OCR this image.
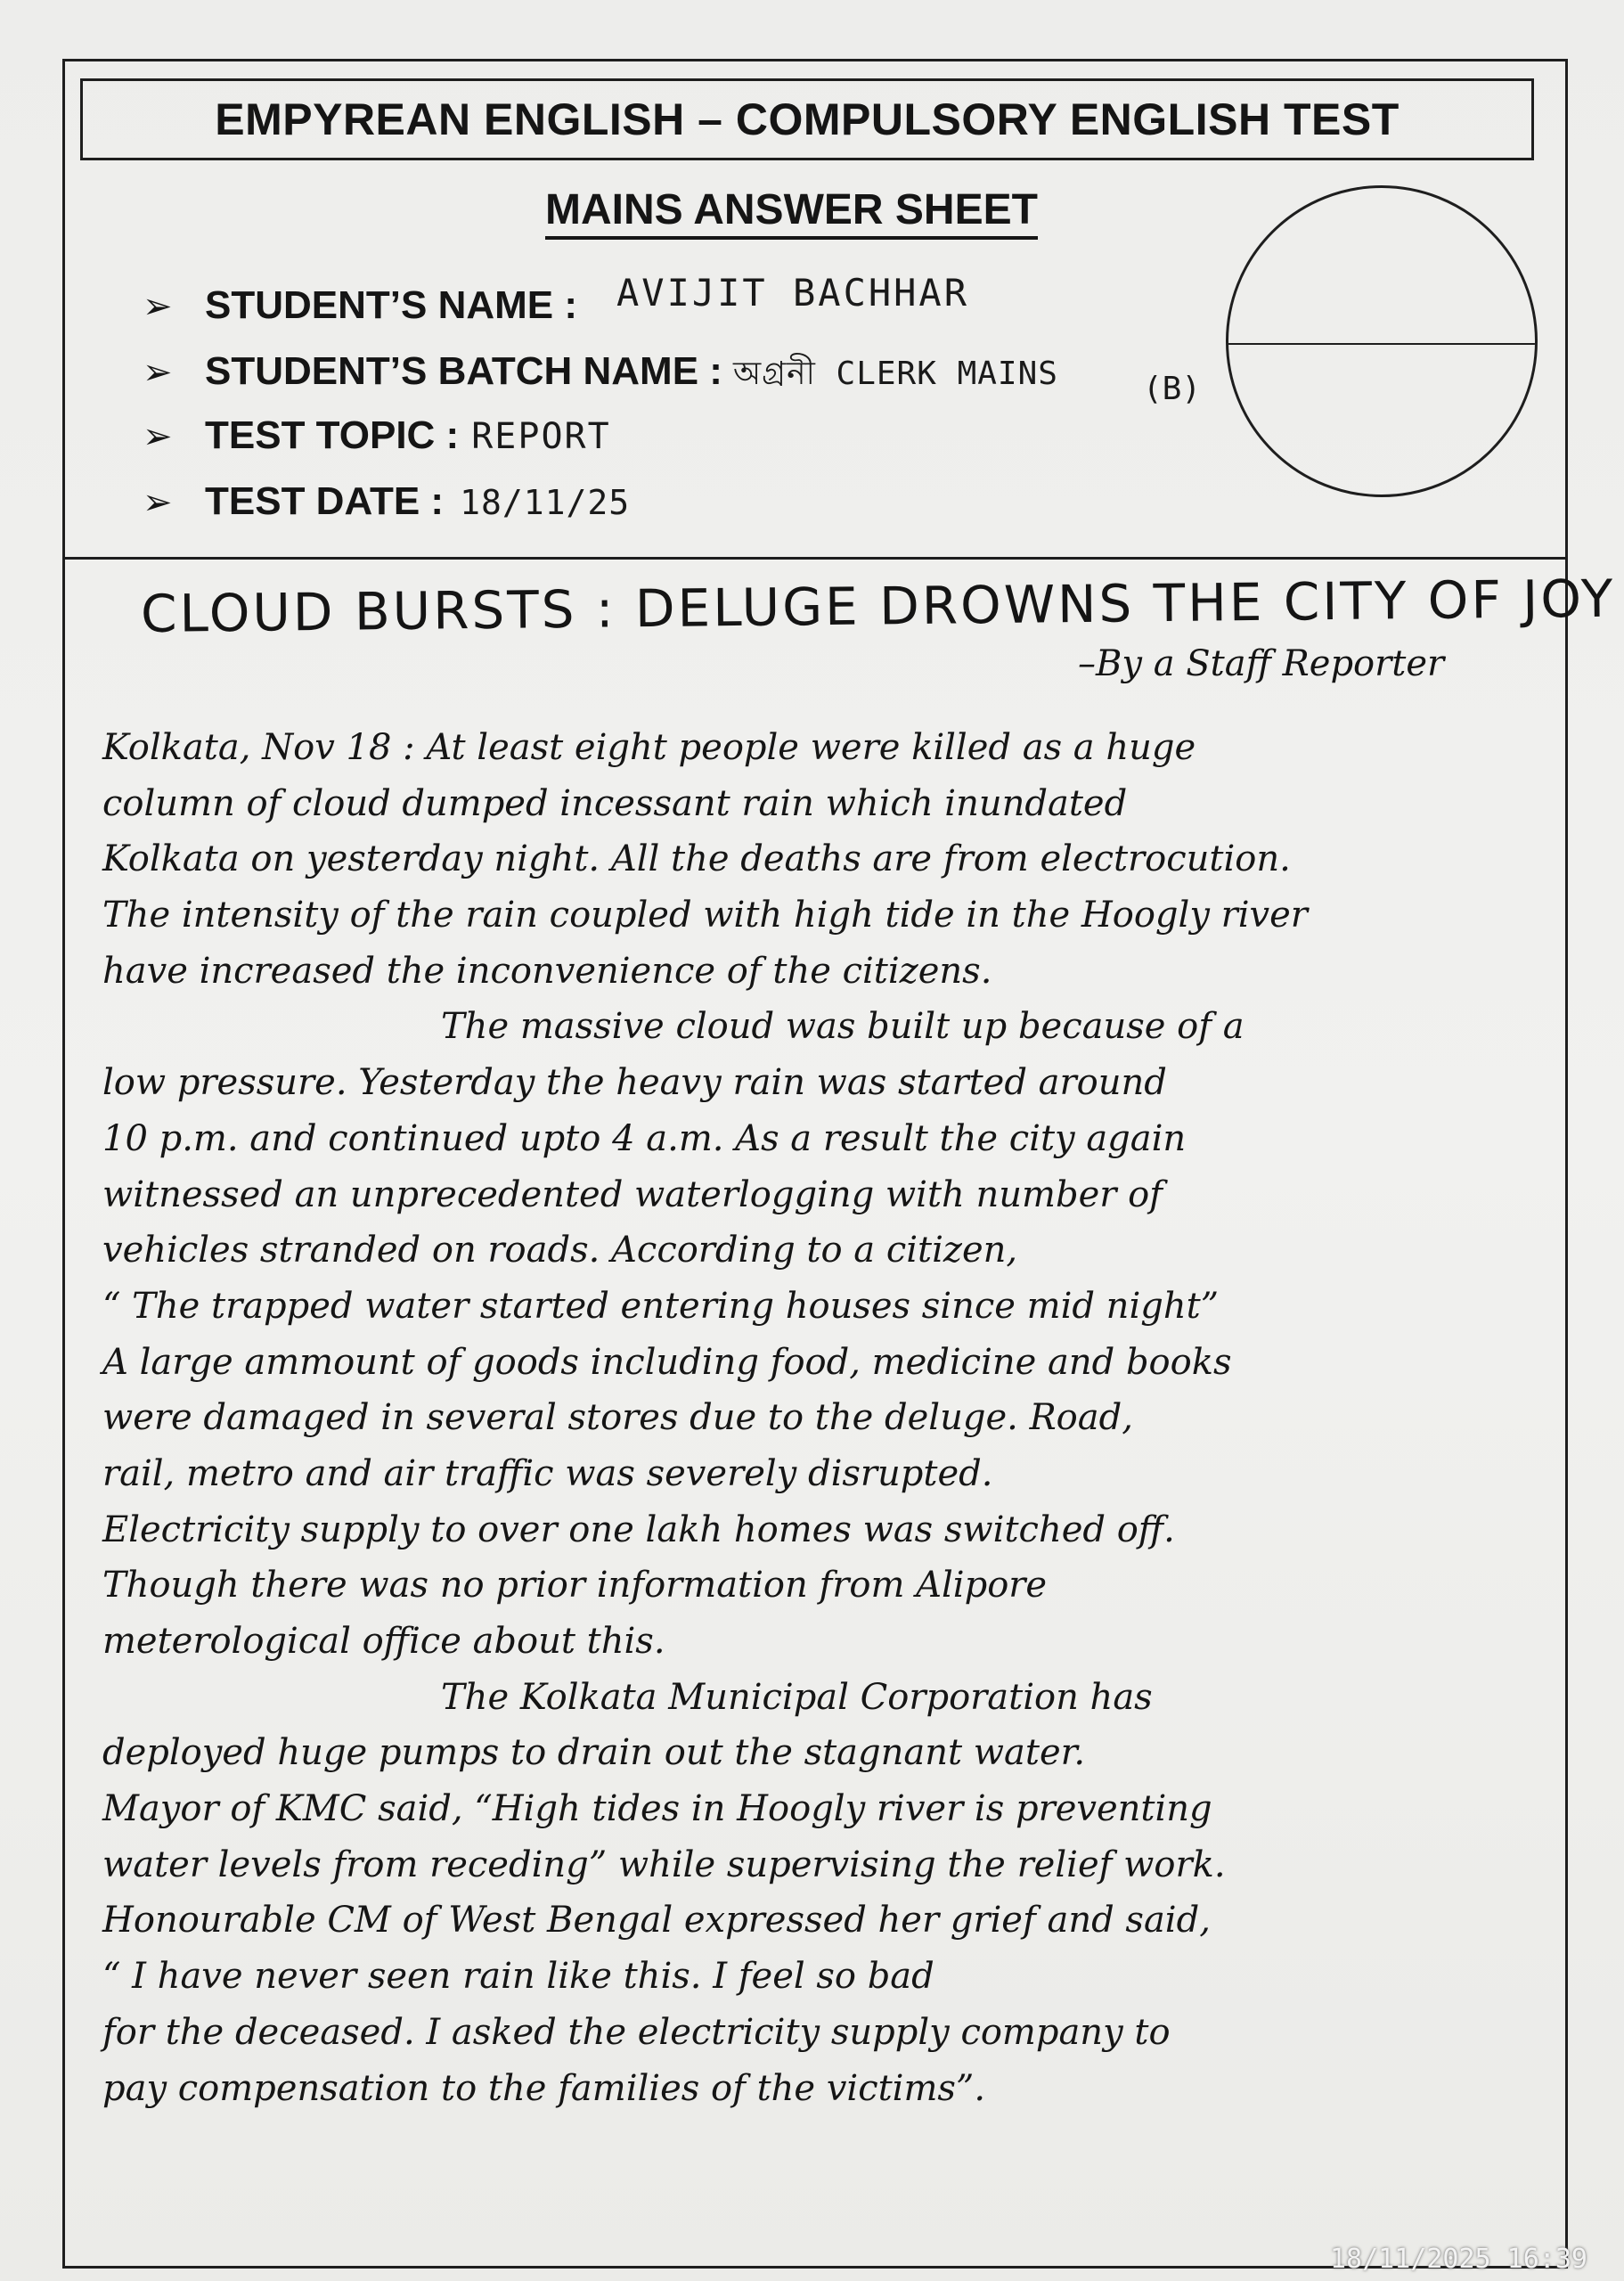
EMPYREAN ENGLISH – COMPULSORY ENGLISH TEST
MAINS ANSWER SHEET
➢ STUDENT’S NAME : AVIJIT BACHHAR
➢ STUDENT’S BATCH NAME : অগ্রনী CLERK MAINS	(B)
➢ TEST TOPIC : REPORT
➢ TEST DATE : 18/11/25
CLOUD BURSTS : DELUGE DROWNS THE CITY OF JOY
–By a Staff Reporter
Kolkata, Nov 18 : At least eight people were killed as a huge
column of cloud dumped incessant rain which inundated
Kolkata on yesterday night. All the deaths are from electrocution.
The intensity of the rain coupled with high tide in the Hoogly river
have increased the inconvenience of the citizens.
The massive cloud was built up because of a
low pressure. Yesterday the heavy rain was started around
10 p.m. and continued upto 4 a.m. As a result the city again
witnessed an unprecedented waterlogging with number of
vehicles stranded on roads. According to a citizen,
“ The trapped water started entering houses since mid night”
A large ammount of goods including food, medicine and books
were damaged in several stores due to the deluge. Road,
rail, metro and air traffic was severely disrupted.
Electricity supply to over one lakh homes was switched off.
Though there was no prior information from Alipore
meterological office about this.
The Kolkata Municipal Corporation has
deployed huge pumps to drain out the stagnant water.
Mayor of KMC said, “High tides in Hoogly river is preventing
water levels from receding” while supervising the relief work.
Honourable CM of West Bengal expressed her grief and said,
“ I have never seen rain like this. I feel so bad
for the deceased. I asked the electricity supply company to
pay compensation to the families of the victims”.
18/11/2025 16:39
